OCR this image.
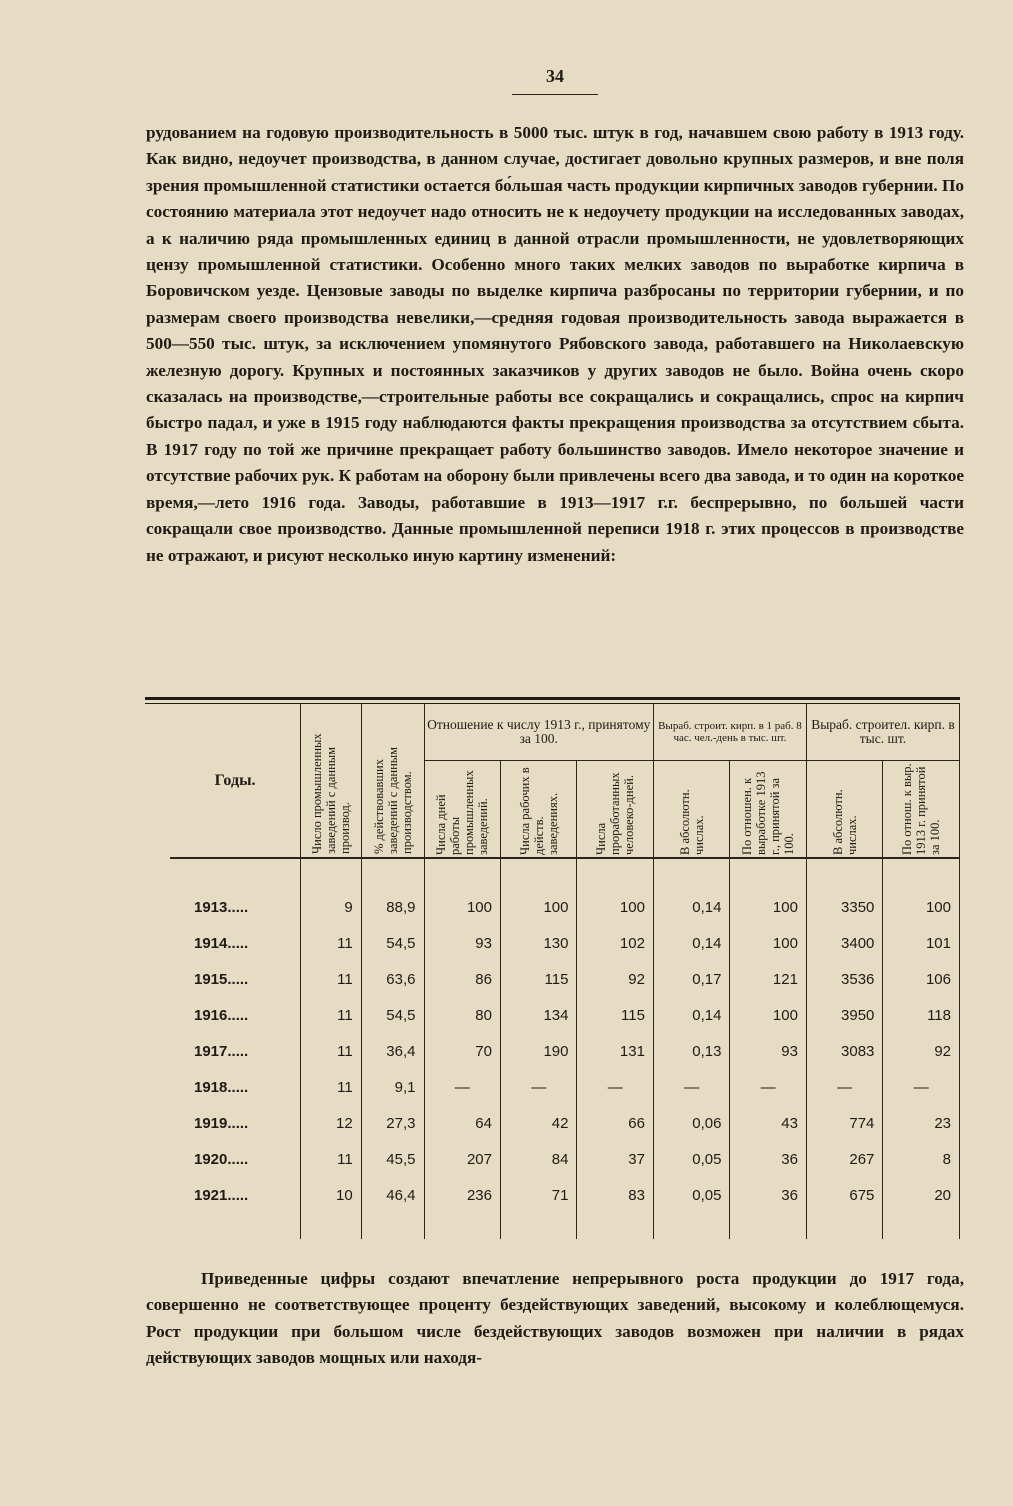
34
рудованием на годовую производительность в 5000 тыс. штук в год, начавшем свою работу в 1913 году. Как видно, недоучет производства, в данном случае, достигает довольно крупных размеров, и вне поля зрения промышленной статистики остается бо́льшая часть продукции кирпичных заводов губернии. По состоянию материала этот недоучет надо относить не к недоучету продукции на исследованных заводах, а к наличию ряда промышленных единиц в данной отрасли промышленности, не удовлетворяющих цензу промышленной статистики. Особенно много таких мелких заводов по выработке кирпича в Боровичском уезде. Цензовые заводы по выделке кирпича разбросаны по территории губернии, и по размерам своего производства невелики,—средняя годовая производительность завода выражается в 500—550 тыс. штук, за исключением упомянутого Рябовского завода, работавшего на Николаевскую железную дорогу. Крупных и постоянных заказчиков у других заводов не было. Война очень скоро сказалась на производстве,—строительные работы все сокращались и сокращались, спрос на кирпич быстро падал, и уже в 1915 году наблюдаются факты прекращения производства за отсутствием сбыта. В 1917 году по той же причине прекращает работу большинство заводов. Имело некоторое значение и отсутствие рабочих рук. К работам на оборону были привлечены всего два завода, и то один на короткое время,—лето 1916 года. Заводы, работавшие в 1913—1917 г.г. беспрерывно, по большей части сокращали свое производство. Данные промышленной переписи 1918 г. этих процессов в производстве не отражают, и рисуют несколько иную картину изменений:
Годы.	Число промышленных заведений с данным производ.	% действовавших заведений с данным производством.	Отношение к числу 1913 г., принятому за 100.			Выраб. строит. кирп. в 1 раб. 8 час. чел.-день в тыс. шт.		Выраб. строител. кирп. в тыс. шт.	

			Числа дней работы промышленных заведений.	Числа рабочих в действ. заведениях.	Числа проработанных человеко-дней.	В абсолютн. числах.	По отношен. к выработке 1913 г., принятой за 100.	В абсолютн. числах.	По отнош. к выр. 1913 г. принятой за 100.

1913.....	9	88,9	100	100	100	0,14	100	3350	100
1914.....	11	54,5	93	130	102	0,14	100	3400	101
1915.....	11	63,6	86	115	92	0,17	121	3536	106
1916.....	11	54,5	80	134	115	0,14	100	3950	118
1917.....	11	36,4	70	190	131	0,13	93	3083	92
1918.....	11	9,1	—	—	—	—	—	—	—
1919.....	12	27,3	64	42	66	0,06	43	774	23
1920.....	11	45,5	207	84	37	0,05	36	267	8
1921.....	10	46,4	236	71	83	0,05	36	675	20

Приведенные цифры создают впечатление непрерывного роста продукции до 1917 года, совершенно не соответствующее проценту бездействующих заведений, высокому и колеблющемуся. Рост продукции при большом числе бездействующих заводов возможен при наличии в рядах действующих заводов мощных или находя-
